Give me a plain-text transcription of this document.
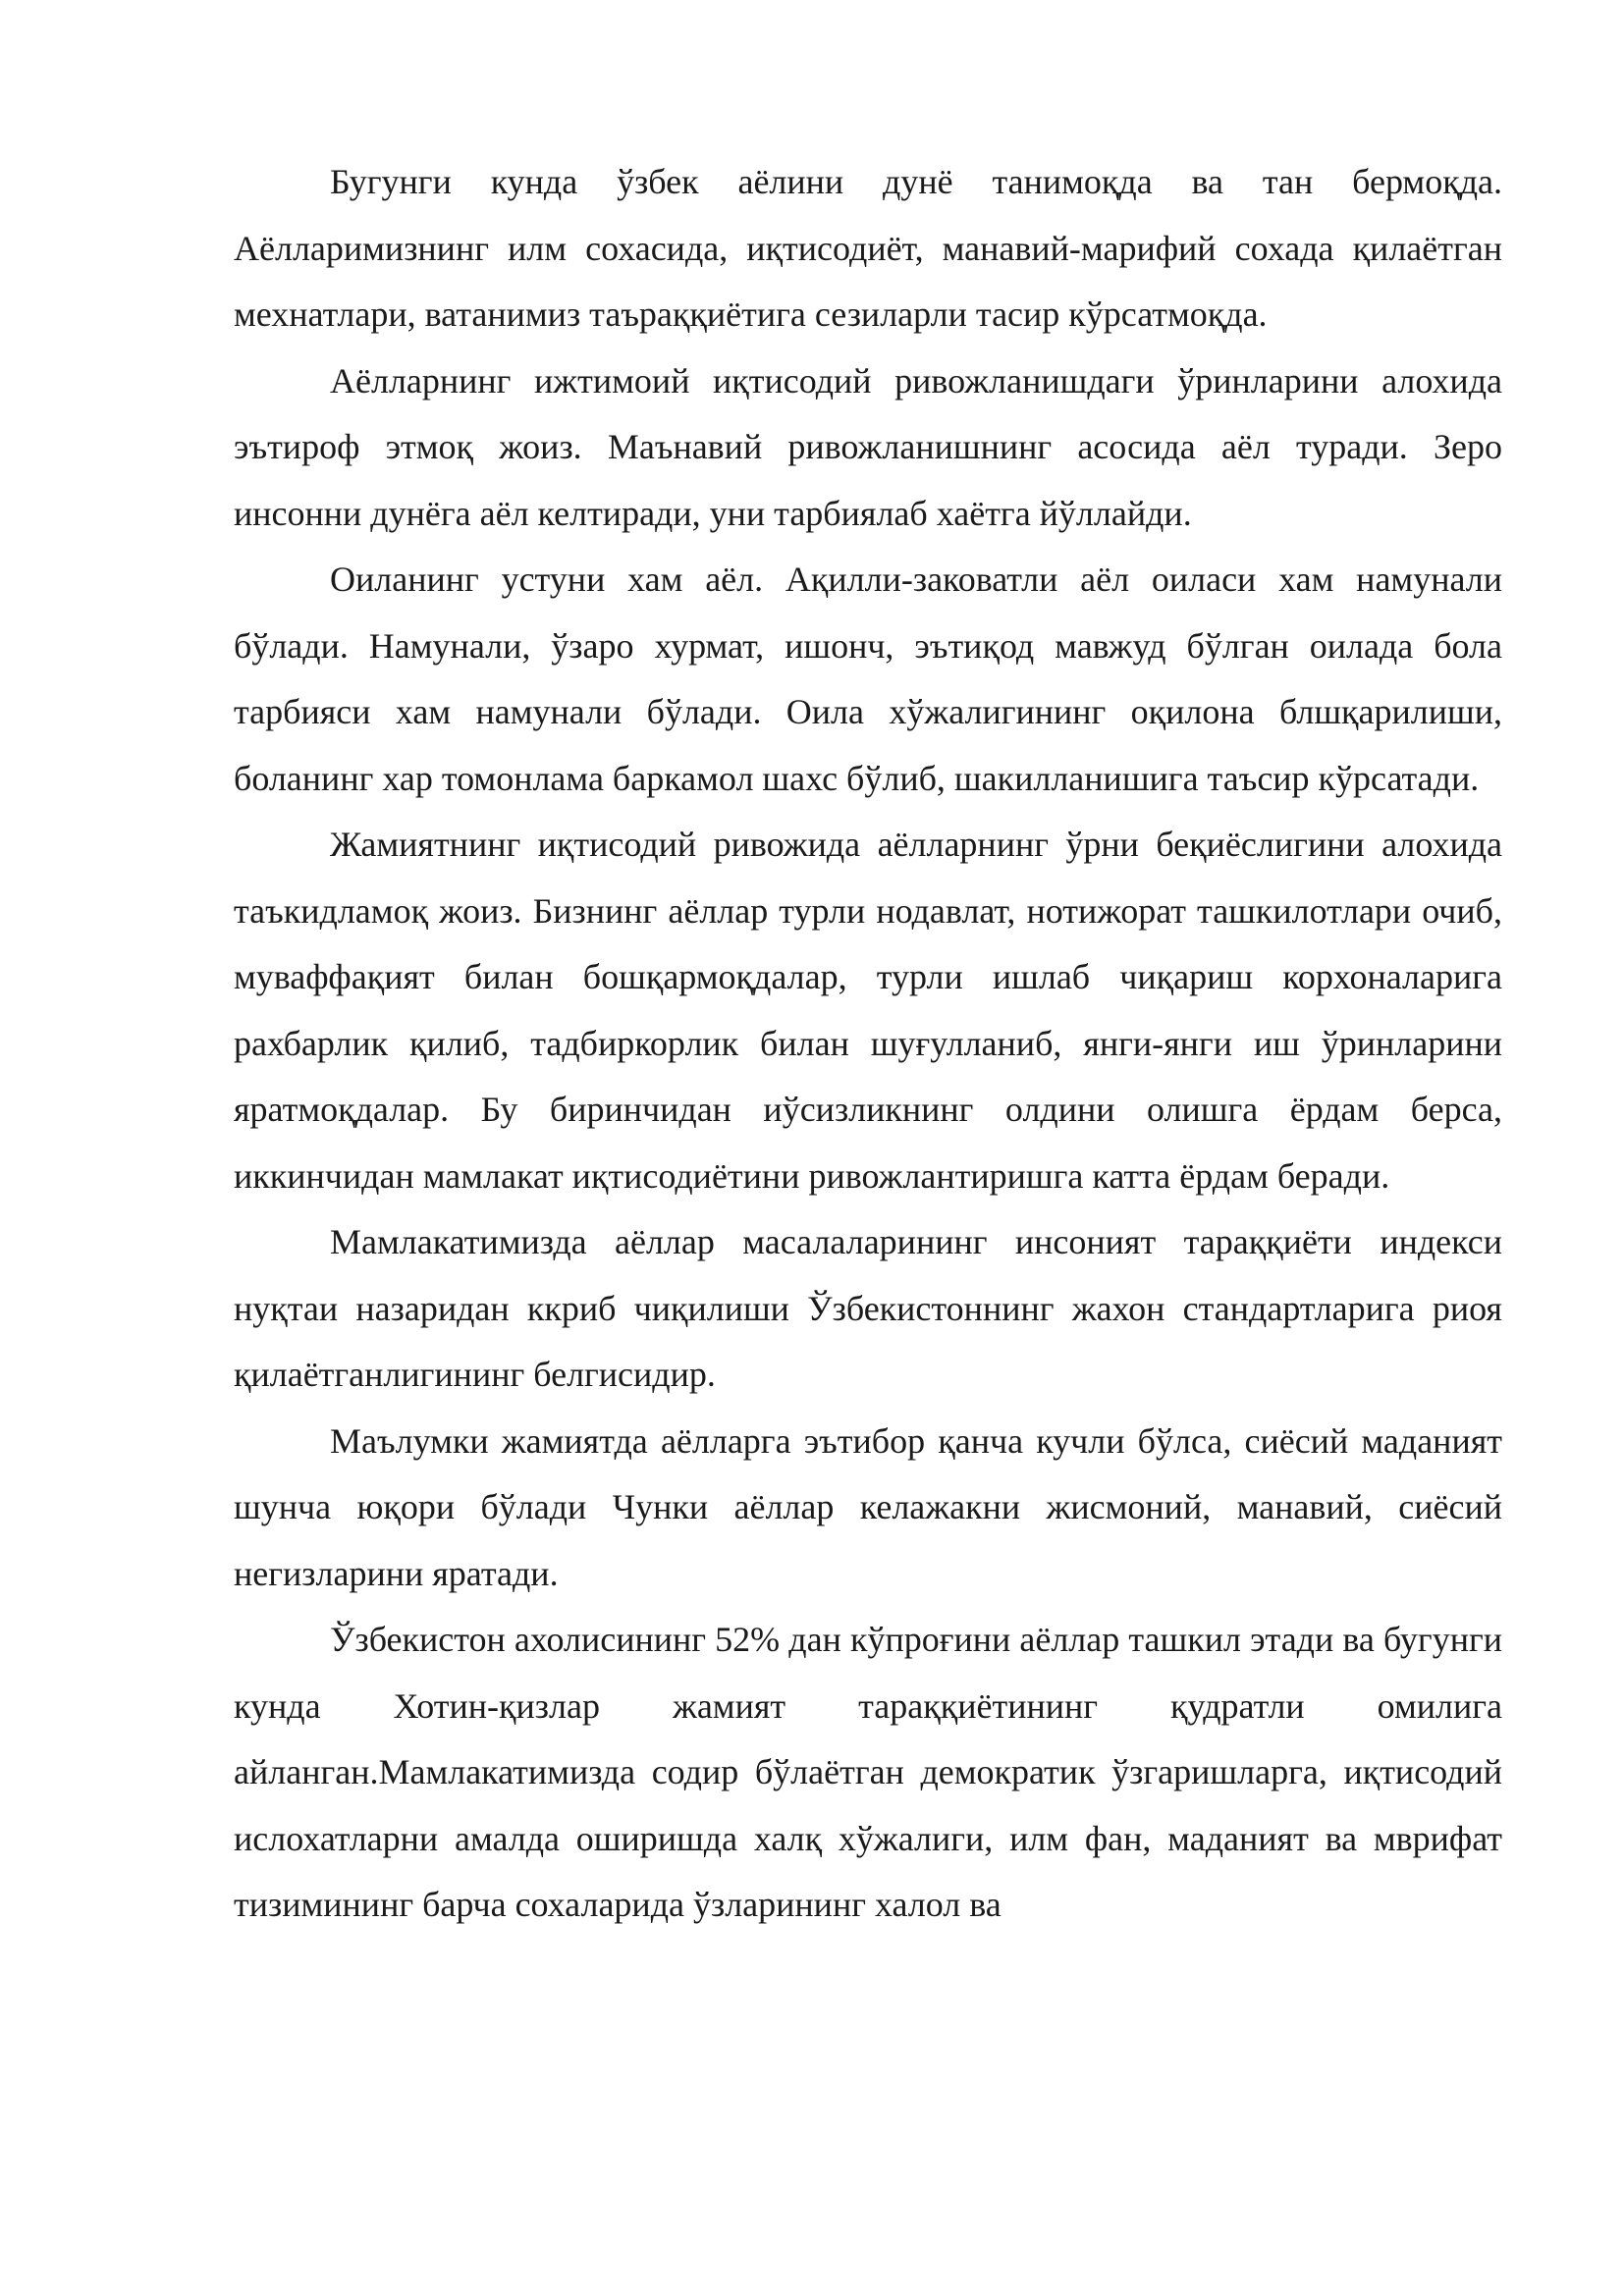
Бугунги кунда ўзбек аёлини дунё танимоқда ва тан бермоқда. Аёлларимизнинг илм сохасида, иқтисодиёт, манавий-марифий сохада қилаётган мехнатлари, ватанимиз таъраққиётига сезиларли тасир кўрсатмоқда.

Аёлларнинг ижтимоий иқтисодий ривожланишдаги ўринларини алохида эътироф этмоқ жоиз. Маънавий ривожланишнинг асосида аёл туради. Зеро инсонни дунёга аёл келтиради, уни тарбиялаб хаётга йўллайди.

Оиланинг устуни хам аёл. Ақилли-заковатли аёл оиласи хам намунали бўлади. Намунали, ўзаро хурмат, ишонч, эътиқод мавжуд бўлган оилада бола тарбияси хам намунали бўлади. Оила хўжалигининг оқилона блшқарилиши, боланинг хар томонлама баркамол шахс бўлиб, шакилланишига таъсир кўрсатади.

Жамиятнинг иқтисодий ривожида аёлларнинг ўрни беқиёслигини алохида таъкидламоқ жоиз. Бизнинг аёллар турли нодавлат, нотижорат ташкилотлари очиб, муваффақият билан бошқармоқдалар, турли ишлаб чиқариш корхоналарига рахбарлик қилиб, тадбиркорлик билан шуғулланиб, янги-янги иш ўринларини яратмоқдалар. Бу биринчидан иўсизликнинг олдини олишга ёрдам берса, иккинчидан мамлакат иқтисодиётини ривожлантиришга катта ёрдам беради.

Мамлакатимизда аёллар масалаларининг инсоният тараққиёти индекси нуқтаи назаридан ккриб чиқилиши Ўзбекистоннинг жахон стандартларига риоя қилаётганлигининг белгисидир.

Маълумки жамиятда аёлларга эътибор қанча кучли бўлса, сиёсий маданият шунча юқори бўлади Чунки аёллар келажакни жисмоний, манавий, сиёсий негизларини яратади.

Ўзбекистон ахолисининг 52% дан кўпроғини аёллар ташкил этади ва бугунги кунда Хотин-қизлар жамият тараққиётининг қудратли омилига айланган.Мамлакатимизда содир бўлаётган демократик ўзгаришларга, иқтисодий ислохатларни амалда оширишда халқ хўжалиги, илм фан, маданият ва мврифат тизимининг барча сохаларида ўзларининг халол ва
